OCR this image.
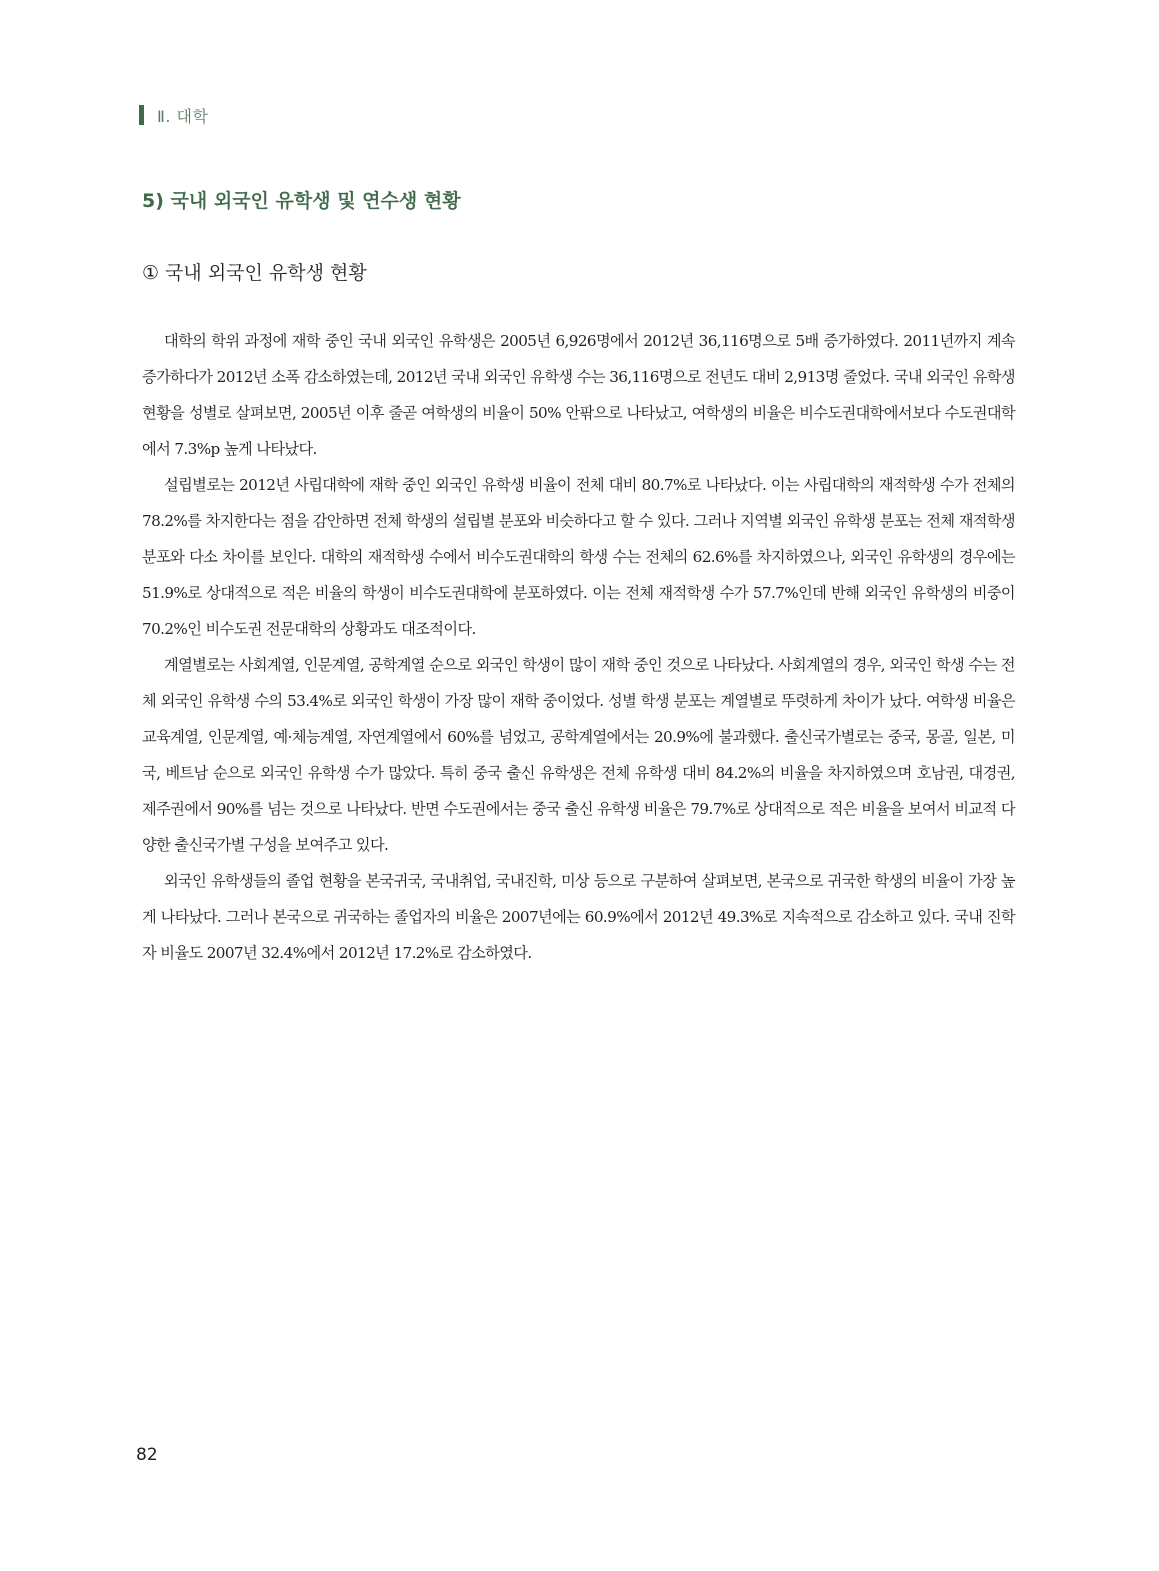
Ⅱ. 대학
5) 국내 외국인 유학생 및 연수생 현황
① 국내 외국인 유학생 현황

대학의 학위 과정에 재학 중인 국내 외국인 유학생은 2005년 6,926명에서 2012년 36,116명으로 5배 증가하였다. 2011년까지 계속 증가하다가 2012년 소폭 감소하였는데, 2012년 국내 외국인 유학생 수는 36,116명으로 전년도 대비 2,913명 줄었다. 국내 외국인 유학생 현황을 성별로 살펴보면, 2005년 이후 줄곧 여학생의 비율이 50% 안팎으로 나타났고, 여학생의 비율은 비수도권대학에서보다 수도권대학에서 7.3%p 높게 나타났다.

설립별로는 2012년 사립대학에 재학 중인 외국인 유학생 비율이 전체 대비 80.7%로 나타났다. 이는 사립대학의 재적학생 수가 전체의 78.2%를 차지한다는 점을 감안하면 전체 학생의 설립별 분포와 비슷하다고 할 수 있다. 그러나 지역별 외국인 유학생 분포는 전체 재적학생 분포와 다소 차이를 보인다. 대학의 재적학생 수에서 비수도권대학의 학생 수는 전체의 62.6%를 차지하였으나, 외국인 유학생의 경우에는 51.9%로 상대적으로 적은 비율의 학생이 비수도권대학에 분포하였다. 이는 전체 재적학생 수가 57.7%인데 반해 외국인 유학생의 비중이 70.2%인 비수도권 전문대학의 상황과도 대조적이다.

계열별로는 사회계열, 인문계열, 공학계열 순으로 외국인 학생이 많이 재학 중인 것으로 나타났다. 사회계열의 경우, 외국인 학생 수는 전체 외국인 유학생 수의 53.4%로 외국인 학생이 가장 많이 재학 중이었다. 성별 학생 분포는 계열별로 뚜렷하게 차이가 났다. 여학생 비율은 교육계열, 인문계열, 예·체능계열, 자연계열에서 60%를 넘었고, 공학계열에서는 20.9%에 불과했다. 출신국가별로는 중국, 몽골, 일본, 미국, 베트남 순으로 외국인 유학생 수가 많았다. 특히 중국 출신 유학생은 전체 유학생 대비 84.2%의 비율을 차지하였으며 호남권, 대경권, 제주권에서 90%를 넘는 것으로 나타났다. 반면 수도권에서는 중국 출신 유학생 비율은 79.7%로 상대적으로 적은 비율을 보여서 비교적 다양한 출신국가별 구성을 보여주고 있다.

외국인 유학생들의 졸업 현황을 본국귀국, 국내취업, 국내진학, 미상 등으로 구분하여 살펴보면, 본국으로 귀국한 학생의 비율이 가장 높게 나타났다. 그러나 본국으로 귀국하는 졸업자의 비율은 2007년에는 60.9%에서 2012년 49.3%로 지속적으로 감소하고 있다. 국내 진학자 비율도 2007년 32.4%에서 2012년 17.2%로 감소하였다.

82
